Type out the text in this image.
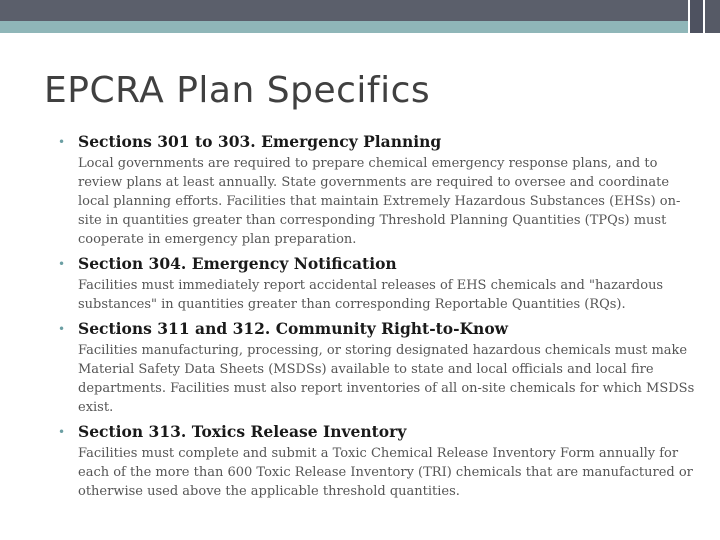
EPCRA Plan Specifics
• Sections 301 to 303. Emergency Planning
Local governments are required to prepare chemical emergency response plans, and to review plans at least annually. State governments are required to oversee and coordinate local planning efforts. Facilities that maintain Extremely Hazardous Substances (EHSs) on-site in quantities greater than corresponding Threshold Planning Quantities (TPQs) must cooperate in emergency plan preparation.
• Section 304. Emergency Notification
Facilities must immediately report accidental releases of EHS chemicals and "hazardous substances" in quantities greater than corresponding Reportable Quantities (RQs).
• Sections 311 and 312. Community Right-to-Know
Facilities manufacturing, processing, or storing designated hazardous chemicals must make Material Safety Data Sheets (MSDSs) available to state and local officials and local fire departments. Facilities must also report inventories of all on-site chemicals for which MSDSs exist.
• Section 313. Toxics Release Inventory
Facilities must complete and submit a Toxic Chemical Release Inventory Form annually for each of the more than 600 Toxic Release Inventory (TRI) chemicals that are manufactured or otherwise used above the applicable threshold quantities.
